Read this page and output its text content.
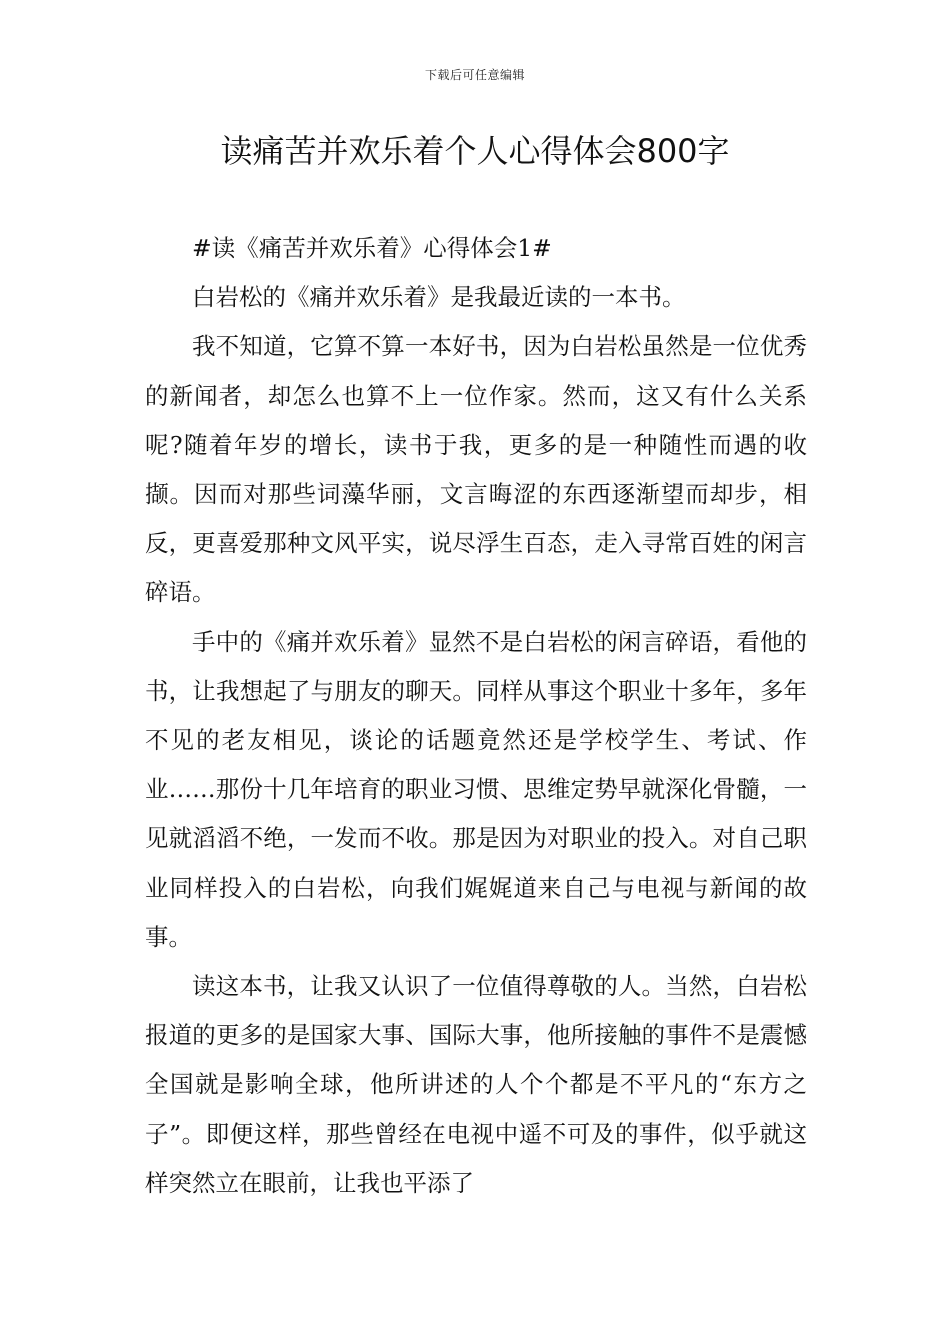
下载后可任意编辑
读痛苦并欢乐着个人心得体会800字

#读《痛苦并欢乐着》心得体会1#

白岩松的《痛并欢乐着》是我最近读的一本书。

我不知道，它算不算一本好书，因为白岩松虽然是一位优秀的新闻者，却怎么也算不上一位作家。然而，这又有什么关系呢?随着年岁的增长，读书于我，更多的是一种随性而遇的收撷。因而对那些词藻华丽，文言晦涩的东西逐渐望而却步，相反，更喜爱那种文风平实，说尽浮生百态，走入寻常百姓的闲言碎语。

手中的《痛并欢乐着》显然不是白岩松的闲言碎语，看他的书，让我想起了与朋友的聊天。同样从事这个职业十多年，多年不见的老友相见，谈论的话题竟然还是学校学生、考试、作业……那份十几年培育的职业习惯、思维定势早就深化骨髓，一见就滔滔不绝，一发而不收。那是因为对职业的投入。对自己职业同样投入的白岩松，向我们娓娓道来自己与电视与新闻的故事。

读这本书，让我又认识了一位值得尊敬的人。当然，白岩松报道的更多的是国家大事、国际大事，他所接触的事件不是震憾全国就是影响全球，他所讲述的人个个都是不平凡的“东方之子”。即便这样，那些曾经在电视中遥不可及的事件，似乎就这样突然立在眼前，让我也平添了
